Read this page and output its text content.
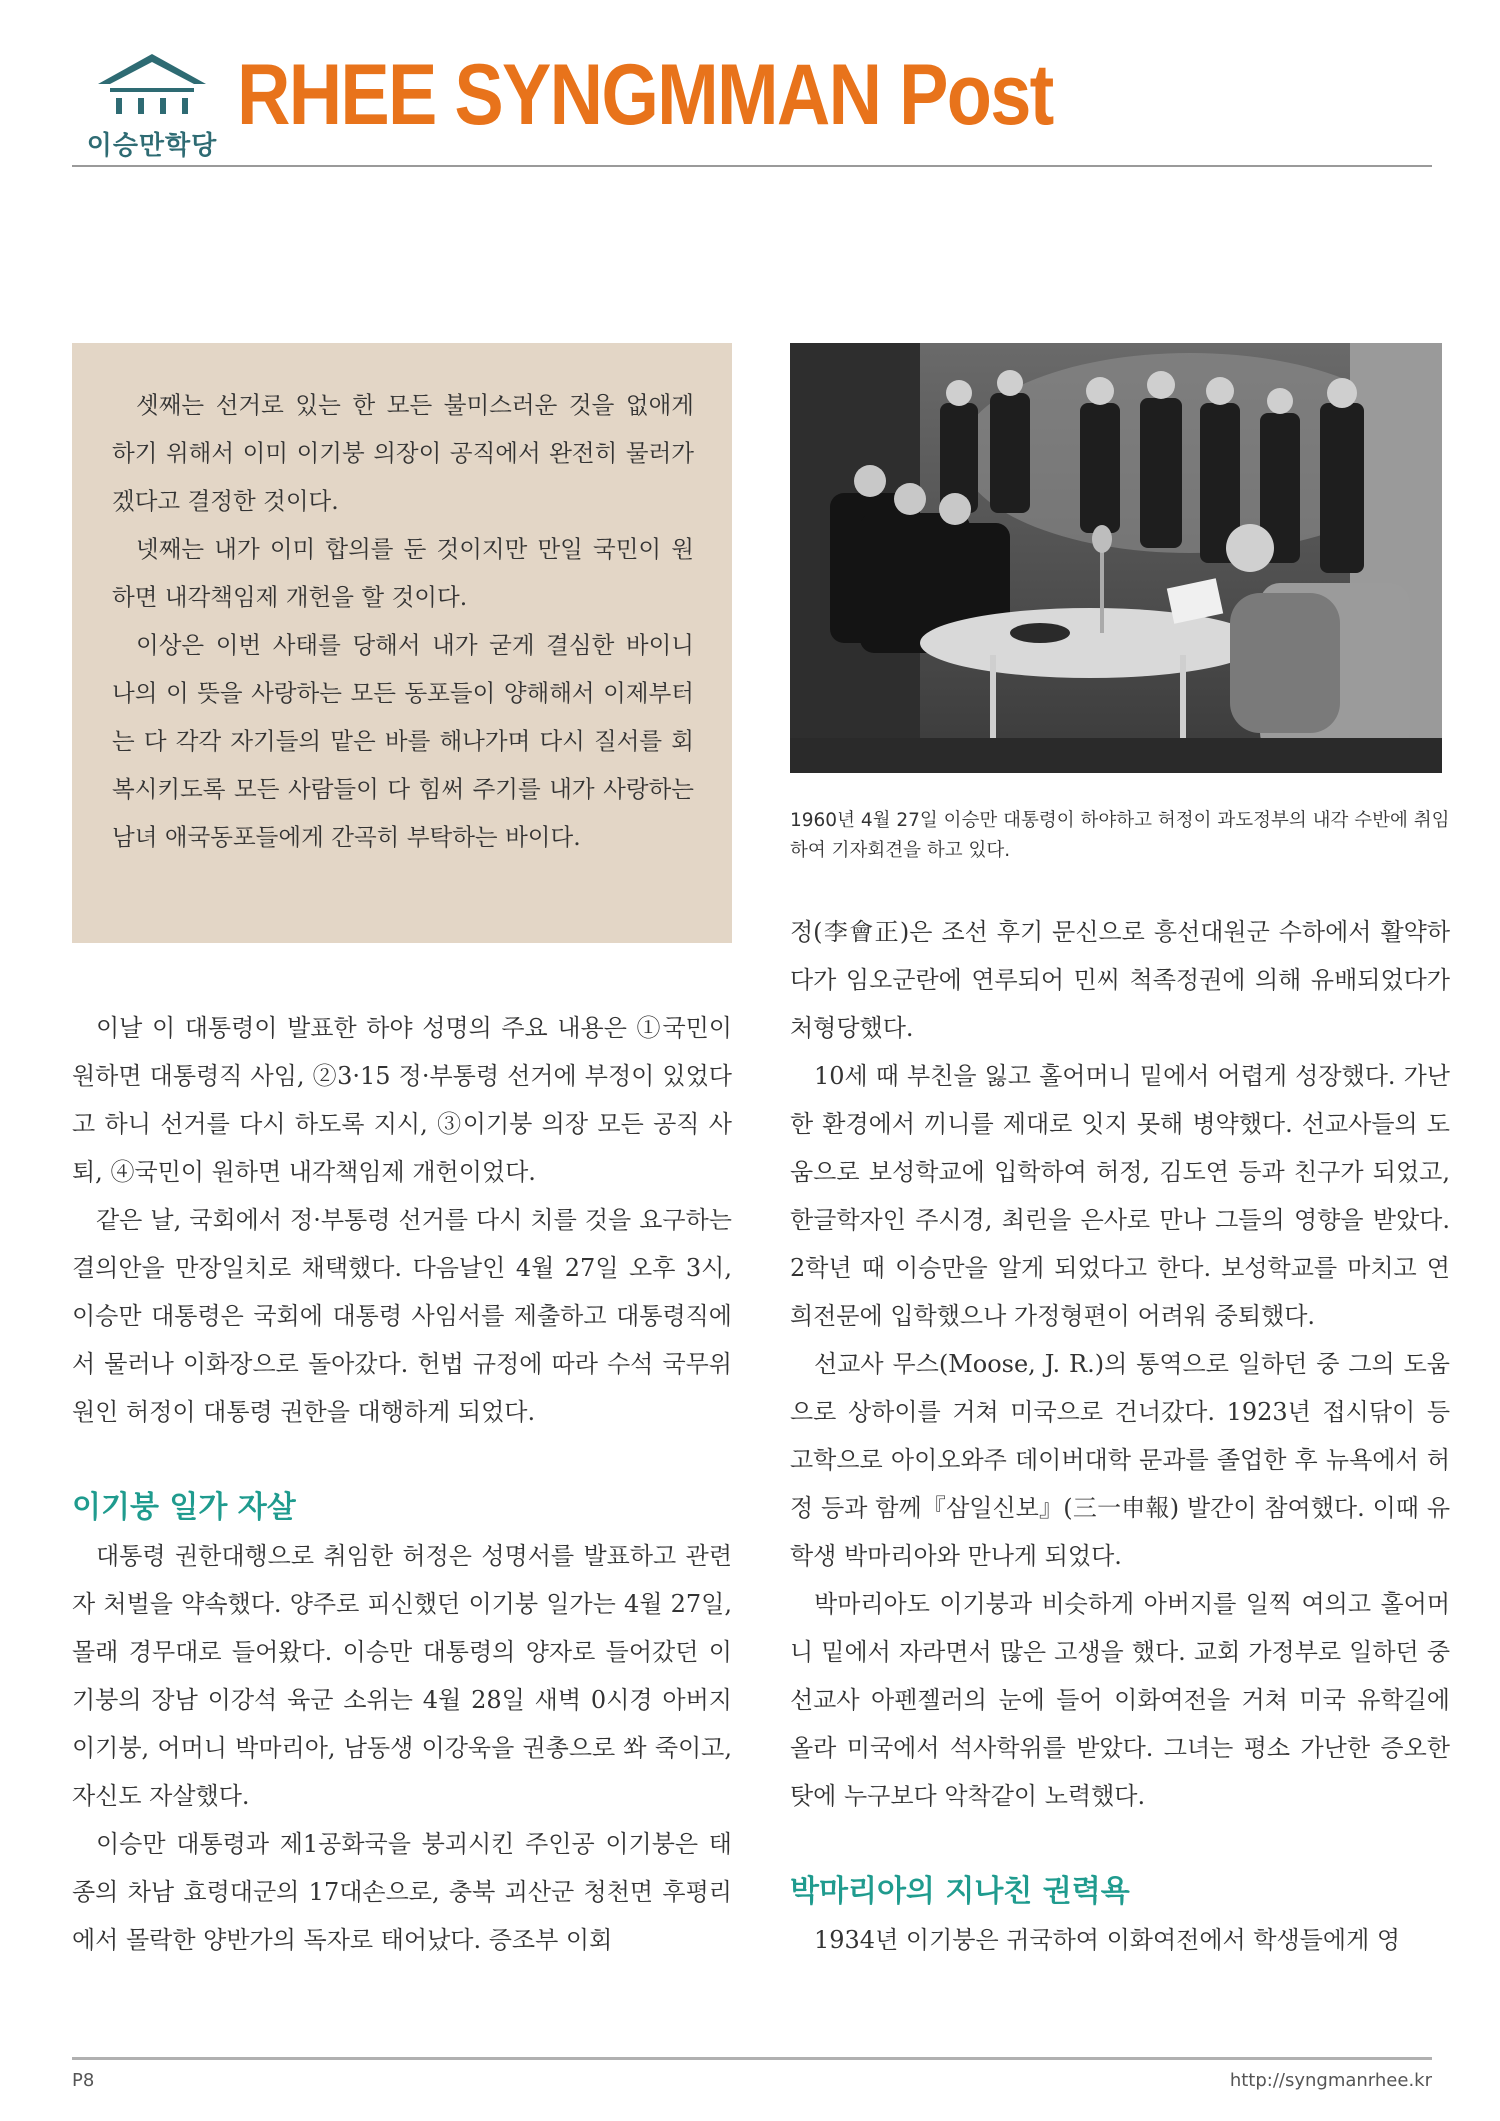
이승만학당
RHEE SYNGMMAN Post

셋째는 선거로 있는 한 모든 불미스러운 것을 없애게 하기 위해서 이미 이기붕 의장이 공직에서 완전히 물러가겠다고 결정한 것이다.

넷째는 내가 이미 합의를 둔 것이지만 만일 국민이 원하면 내각책임제 개헌을 할 것이다.

이상은 이번 사태를 당해서 내가 굳게 결심한 바이니 나의 이 뜻을 사랑하는 모든 동포들이 양해해서 이제부터는 다 각각 자기들의 맡은 바를 해나가며 다시 질서를 회복시키도록 모든 사람들이 다 힘써 주기를 내가 사랑하는 남녀 애국동포들에게 간곡히 부탁하는 바이다.

1960년 4월 27일 이승만 대통령이 하야하고 허정이 과도정부의 내각 수반에 취임하여 기자회견을 하고 있다.

정(李會正)은 조선 후기 문신으로 흥선대원군 수하에서 활약하다가 임오군란에 연루되어 민씨 척족정권에 의해 유배되었다가 처형당했다.

이날 이 대통령이 발표한 하야 성명의 주요 내용은 ①국민이 원하면 대통령직 사임, ②3·15 정·부통령 선거에 부정이 있었다고 하니 선거를 다시 하도록 지시, ③이기붕 의장 모든 공직 사퇴, ④국민이 원하면 내각책임제 개헌이었다.

같은 날, 국회에서 정·부통령 선거를 다시 치를 것을 요구하는 결의안을 만장일치로 채택했다. 다음날인 4월 27일 오후 3시, 이승만 대통령은 국회에 대통령 사임서를 제출하고 대통령직에서 물러나 이화장으로 돌아갔다. 헌법 규정에 따라 수석 국무위원인 허정이 대통령 권한을 대행하게 되었다.

이기붕 일가 자살

대통령 권한대행으로 취임한 허정은 성명서를 발표하고 관련자 처벌을 약속했다. 양주로 피신했던 이기붕 일가는 4월 27일, 몰래 경무대로 들어왔다. 이승만 대통령의 양자로 들어갔던 이기붕의 장남 이강석 육군 소위는 4월 28일 새벽 0시경 아버지 이기붕, 어머니 박마리아, 남동생 이강욱을 권총으로 쏴 죽이고, 자신도 자살했다.

이승만 대통령과 제1공화국을 붕괴시킨 주인공 이기붕은 태종의 차남 효령대군의 17대손으로, 충북 괴산군 청천면 후평리에서 몰락한 양반가의 독자로 태어났다. 증조부 이회

10세 때 부친을 잃고 홀어머니 밑에서 어렵게 성장했다. 가난한 환경에서 끼니를 제대로 잇지 못해 병약했다. 선교사들의 도움으로 보성학교에 입학하여 허정, 김도연 등과 친구가 되었고, 한글학자인 주시경, 최린을 은사로 만나 그들의 영향을 받았다. 2학년 때 이승만을 알게 되었다고 한다. 보성학교를 마치고 연희전문에 입학했으나 가정형편이 어려워 중퇴했다.

선교사 무스(Moose, J. R.)의 통역으로 일하던 중 그의 도움으로 상하이를 거쳐 미국으로 건너갔다. 1923년 접시닦이 등 고학으로 아이오와주 데이버대학 문과를 졸업한 후 뉴욕에서 허정 등과 함께『삼일신보』(三一申報) 발간이 참여했다. 이때 유학생 박마리아와 만나게 되었다.

박마리아도 이기붕과 비슷하게 아버지를 일찍 여의고 홀어머니 밑에서 자라면서 많은 고생을 했다. 교회 가정부로 일하던 중 선교사 아펜젤러의 눈에 들어 이화여전을 거쳐 미국 유학길에 올라 미국에서 석사학위를 받았다. 그녀는 평소 가난한 증오한 탓에 누구보다 악착같이 노력했다.

박마리아의 지나친 권력욕

1934년 이기붕은 귀국하여 이화여전에서 학생들에게 영

P8	http://syngmanrhee.kr
